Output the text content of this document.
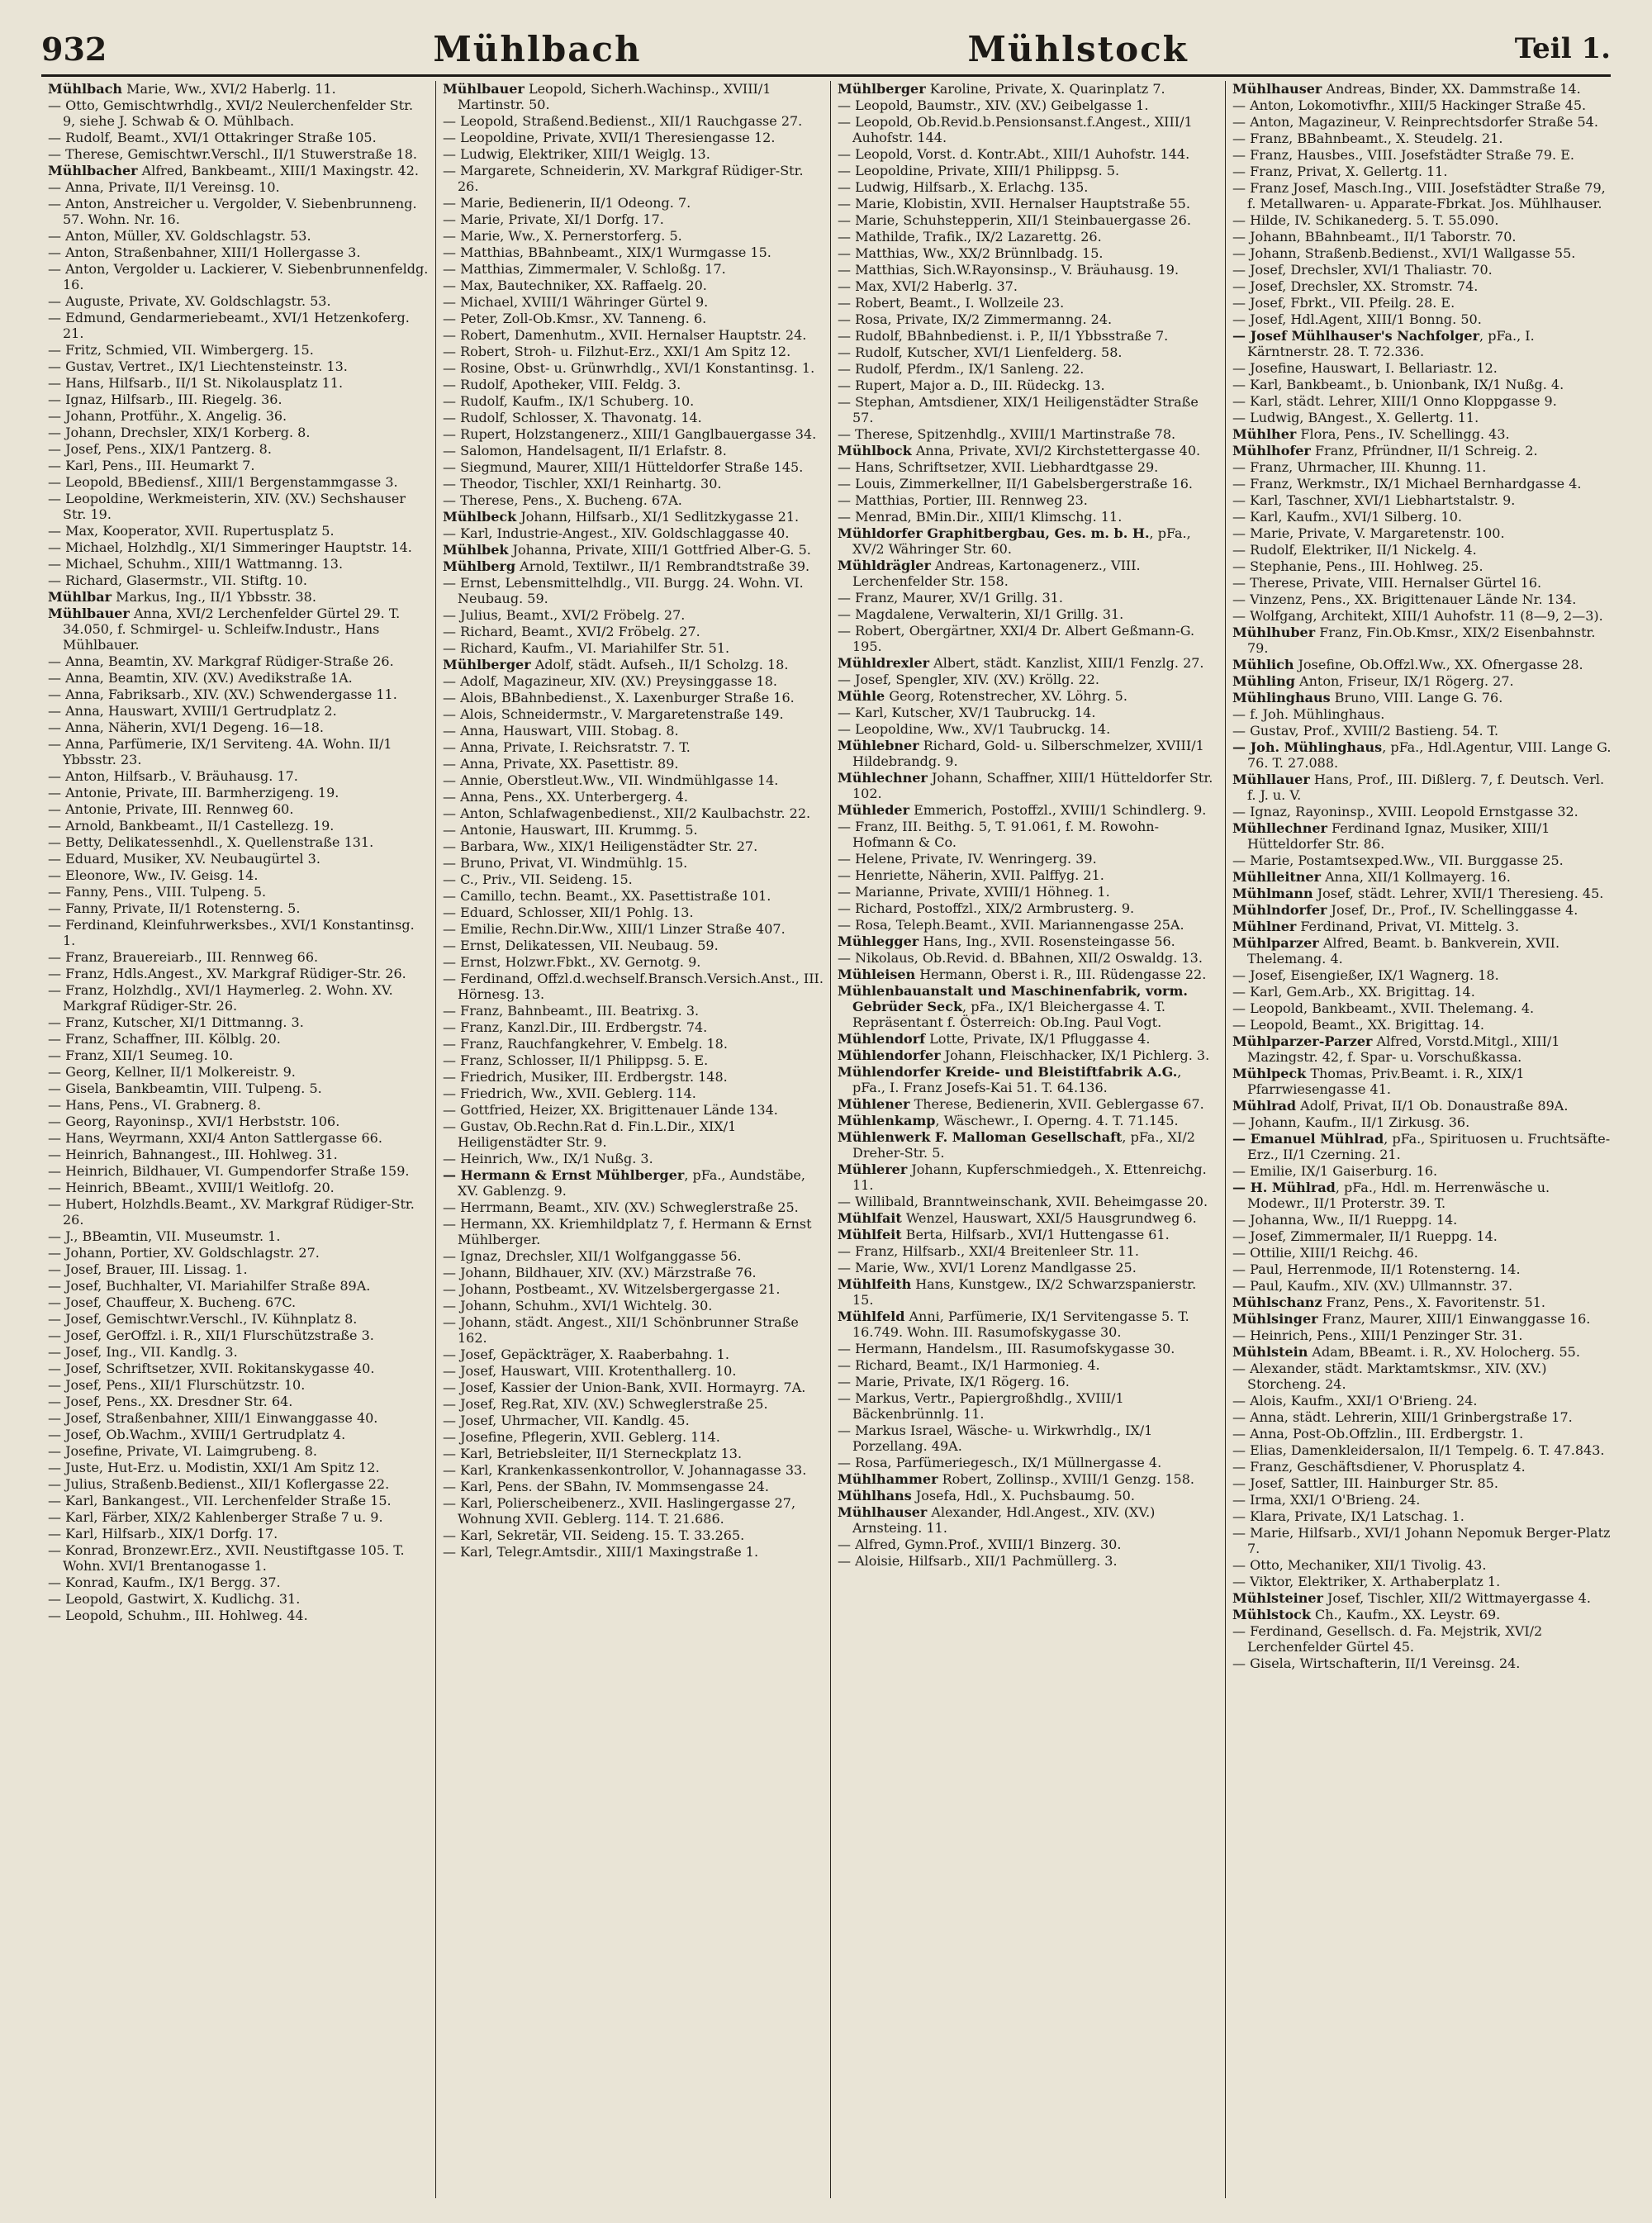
932	Mühlbach	Mühlstock	Teil 1.
Mühlbach Marie, Ww., XVI/2 Haberlg. 11.
— Otto, Gemischtwrhdlg., XVI/2 Neulerchenfelder Str. 9, siehe J. Schwab & O. Mühlbach.
— Rudolf, Beamt., XVI/1 Ottakringer Straße 105.
— Therese, Gemischtwr.Verschl., II/1 Stuwerstraße 18.
Mühlbacher Alfred, Bankbeamt., XIII/1 Maxingstr. 42.
— Anna, Private, II/1 Vereinsg. 10.
— Anton, Anstreicher u. Vergolder, V. Siebenbrunneng. 57. Wohn. Nr. 16.
— Anton, Müller, XV. Goldschlagstr. 53.
— Anton, Straßenbahner, XIII/1 Hollergasse 3.
— Anton, Vergolder u. Lackierer, V. Siebenbrunnenfeldg. 16.
— Auguste, Private, XV. Goldschlagstr. 53.
— Edmund, Gendarmeriebeamt., XVI/1 Hetzenkoferg. 21.
— Fritz, Schmied, VII. Wimbergerg. 15.
— Gustav, Vertret., IX/1 Liechtensteinstr. 13.
— Hans, Hilfsarb., II/1 St. Nikolausplatz 11.
— Ignaz, Hilfsarb., III. Riegelg. 36.
— Johann, Protführ., X. Angelig. 36.
— Johann, Drechsler, XIX/1 Korberg. 8.
— Josef, Pens., XIX/1 Pantzerg. 8.
— Karl, Pens., III. Heumarkt 7.
— Leopold, BBediensf., XIII/1 Bergenstammgasse 3.
— Leopoldine, Werkmeisterin, XIV. (XV.) Sechshauser Str. 19.
— Max, Kooperator, XVII. Rupertusplatz 5.
— Michael, Holzhdlg., XI/1 Simmeringer Hauptstr. 14.
— Michael, Schuhm., XIII/1 Wattmanng. 13.
— Richard, Glasermstr., VII. Stiftg. 10.
Mühlbar Markus, Ing., II/1 Ybbsstr. 38.
Mühlbauer Anna, XVI/2 Lerchenfelder Gürtel 29. T. 34.050, f. Schmirgel- u. Schleifw.Industr., Hans Mühlbauer.
— Anna, Beamtin, XV. Markgraf Rüdiger-Straße 26.
— Anna, Beamtin, XIV. (XV.) Avedikstraße 1A.
— Anna, Fabriksarb., XIV. (XV.) Schwendergasse 11.
— Anna, Hauswart, XVIII/1 Gertrudplatz 2.
— Anna, Näherin, XVI/1 Degeng. 16—18.
— Anna, Parfümerie, IX/1 Serviteng. 4A. Wohn. II/1 Ybbsstr. 23.
— Anton, Hilfsarb., V. Bräuhausg. 17.
— Antonie, Private, III. Barmherzigeng. 19.
— Antonie, Private, III. Rennweg 60.
— Arnold, Bankbeamt., II/1 Castellezg. 19.
— Betty, Delikatessenhdl., X. Quellenstraße 131.
— Eduard, Musiker, XV. Neubaugürtel 3.
— Eleonore, Ww., IV. Geisg. 14.
— Fanny, Pens., VIII. Tulpeng. 5.
— Fanny, Private, II/1 Rotensterng. 5.
— Ferdinand, Kleinfuhrwerksbes., XVI/1 Konstantinsg. 1.
— Franz, Brauereiarb., III. Rennweg 66.
— Franz, Hdls.Angest., XV. Markgraf Rüdiger-Str. 26.
— Franz, Holzhdlg., XVI/1 Haymerleg. 2. Wohn. XV. Markgraf Rüdiger-Str. 26.
— Franz, Kutscher, XI/1 Dittmanng. 3.
— Franz, Schaffner, III. Kölblg. 20.
— Franz, XII/1 Seumeg. 10.
— Georg, Kellner, II/1 Molkereistr. 9.
— Gisela, Bankbeamtin, VIII. Tulpeng. 5.
— Hans, Pens., VI. Grabnerg. 8.
— Georg, Rayoninsp., XVI/1 Herbststr. 106.
— Hans, Weyrmann, XXI/4 Anton Sattlergasse 66.
— Heinrich, Bahnangest., III. Hohlweg. 31.
— Heinrich, Bildhauer, VI. Gumpendorfer Straße 159.
— Heinrich, BBeamt., XVIII/1 Weitlofg. 20.
— Hubert, Holzhdls.Beamt., XV. Markgraf Rüdiger-Str. 26.
— J., BBeamtin, VII. Museumstr. 1.
— Johann, Portier, XV. Goldschlagstr. 27.
— Josef, Brauer, III. Lissag. 1.
— Josef, Buchhalter, VI. Mariahilfer Straße 89A.
— Josef, Chauffeur, X. Bucheng. 67C.
— Josef, Gemischtwr.Verschl., IV. Kühnplatz 8.
— Josef, GerOffzl. i. R., XII/1 Flurschützstraße 3.
— Josef, Ing., VII. Kandlg. 3.
— Josef, Schriftsetzer, XVII. Rokitanskygasse 40.
— Josef, Pens., XII/1 Flurschützstr. 10.
— Josef, Pens., XX. Dresdner Str. 64.
— Josef, Straßenbahner, XIII/1 Einwanggasse 40.
— Josef, Ob.Wachm., XVIII/1 Gertrudplatz 4.
— Josefine, Private, VI. Laimgrubeng. 8.
— Juste, Hut-Erz. u. Modistin, XXI/1 Am Spitz 12.
— Julius, Straßenb.Bedienst., XII/1 Koflergasse 22.
— Karl, Bankangest., VII. Lerchenfelder Straße 15.
— Karl, Färber, XIX/2 Kahlenberger Straße 7 u. 9.
— Karl, Hilfsarb., XIX/1 Dorfg. 17.
— Konrad, Bronzewr.Erz., XVII. Neustiftgasse 105. T. Wohn. XVI/1 Brentanogasse 1.
— Konrad, Kaufm., IX/1 Bergg. 37.
— Leopold, Gastwirt, X. Kudlichg. 31.
— Leopold, Schuhm., III. Hohlweg. 44.
Mühlbauer Leopold, Sicherh.Wachinsp., XVIII/1 Martinstr. 50.
— Leopold, Straßend.Bedienst., XII/1 Rauchgasse 27.
— Leopoldine, Private, XVII/1 Theresiengasse 12.
— Ludwig, Elektriker, XIII/1 Weiglg. 13.
— Margarete, Schneiderin, XV. Markgraf Rüdiger-Str. 26.
— Marie, Bedienerin, II/1 Odeong. 7.
— Marie, Private, XI/1 Dorfg. 17.
— Marie, Ww., X. Pernerstorferg. 5.
— Matthias, BBahnbeamt., XIX/1 Wurmgasse 15.
— Matthias, Zimmermaler, V. Schloßg. 17.
— Max, Bautechniker, XX. Raffaelg. 20.
— Michael, XVIII/1 Währinger Gürtel 9.
— Peter, Zoll-Ob.Kmsr., XV. Tanneng. 6.
— Robert, Damenhutm., XVII. Hernalser Hauptstr. 24.
— Robert, Stroh- u. Filzhut-Erz., XXI/1 Am Spitz 12.
— Rosine, Obst- u. Grünwrhdlg., XVI/1 Konstantinsg. 1.
— Rudolf, Apotheker, VIII. Feldg. 3.
— Rudolf, Kaufm., IX/1 Schuberg. 10.
— Rudolf, Schlosser, X. Thavonatg. 14.
— Rupert, Holzstangenerz., XIII/1 Ganglbauergasse 34.
— Salomon, Handelsagent, II/1 Erlafstr. 8.
— Siegmund, Maurer, XIII/1 Hütteldorfer Straße 145.
— Theodor, Tischler, XXI/1 Reinhartg. 30.
— Therese, Pens., X. Bucheng. 67A.
Mühlbeck Johann, Hilfsarb., XI/1 Sedlitzkygasse 21.
— Karl, Industrie-Angest., XIV. Goldschlaggasse 40.
Mühlbek Johanna, Private, XIII/1 Gottfried Alber-G. 5.
Mühlberg Arnold, Textilwr., II/1 Rembrandtstraße 39.
— Ernst, Lebensmittelhdlg., VII. Burgg. 24. Wohn. VI. Neubaug. 59.
— Julius, Beamt., XVI/2 Fröbelg. 27.
— Richard, Beamt., XVI/2 Fröbelg. 27.
— Richard, Kaufm., VI. Mariahilfer Str. 51.
Mühlberger Adolf, städt. Aufseh., II/1 Scholzg. 18.
— Adolf, Magazineur, XIV. (XV.) Preysinggasse 18.
— Alois, BBahnbedienst., X. Laxenburger Straße 16.
— Alois, Schneidermstr., V. Margaretenstraße 149.
— Anna, Hauswart, VIII. Stobag. 8.
— Anna, Private, I. Reichsratstr. 7. T.
— Anna, Private, XX. Pasettistr. 89.
— Annie, Oberstleut.Ww., VII. Windmühlgasse 14.
— Anna, Pens., XX. Unterbergerg. 4.
— Anton, Schlafwagenbedienst., XII/2 Kaulbachstr. 22.
— Antonie, Hauswart, III. Krummg. 5.
— Barbara, Ww., XIX/1 Heiligenstädter Str. 27.
— Bruno, Privat, VI. Windmühlg. 15.
— C., Priv., VII. Seideng. 15.
— Camillo, techn. Beamt., XX. Pasettistraße 101.
— Eduard, Schlosser, XII/1 Pohlg. 13.
— Emilie, Rechn.Dir.Ww., XIII/1 Linzer Straße 407.
— Ernst, Delikatessen, VII. Neubaug. 59.
— Ernst, Holzwr.Fbkt., XV. Gernotg. 9.
— Ferdinand, Offzl.d.wechself.Bransch.Versich.Anst., III. Hörnesg. 13.
— Franz, Bahnbeamt., III. Beatrixg. 3.
— Franz, Kanzl.Dir., III. Erdbergstr. 74.
— Franz, Rauchfangkehrer, V. Embelg. 18.
— Franz, Schlosser, II/1 Philippsg. 5. E.
— Friedrich, Musiker, III. Erdbergstr. 148.
— Friedrich, Ww., XVII. Geblerg. 114.
— Gottfried, Heizer, XX. Brigittenauer Lände 134.
— Gustav, Ob.Rechn.Rat d. Fin.L.Dir., XIX/1 Heiligenstädter Str. 9.
— Heinrich, Ww., IX/1 Nußg. 3.
— Hermann & Ernst Mühlberger, pFa., Aundstäbe, XV. Gablenzg. 9.
— Herrmann, Beamt., XIV. (XV.) Schweglerstraße 25.
— Hermann, XX. Kriemhildplatz 7, f. Hermann & Ernst Mühlberger.
— Ignaz, Drechsler, XII/1 Wolfganggasse 56.
— Johann, Bildhauer, XIV. (XV.) Märzstraße 76.
— Johann, Postbeamt., XV. Witzelsbergergasse 21.
— Johann, Schuhm., XVI/1 Wichtelg. 30.
— Johann, städt. Angest., XII/1 Schönbrunner Straße 162.
— Josef, Gepäckträger, X. Raaberbahng. 1.
— Josef, Hauswart, VIII. Krotenthallerg. 10.
— Josef, Kassier der Union-Bank, XVII. Hormayrg. 7A.
— Josef, Reg.Rat, XIV. (XV.) Schweglerstraße 25.
— Josef, Uhrmacher, VII. Kandlg. 45.
— Josefine, Pflegerin, XVII. Geblerg. 114.
— Karl, Betriebsleiter, II/1 Sterneckplatz 13.
— Karl, Krankenkassenkontrollor, V. Johannagasse 33.
— Karl, Pens. der SBahn, IV. Mommsengasse 24.
— Karl, Polierscheibenerz., XVII. Haslingergasse 27, Wohnung XVII. Geblerg. 114. T. 21.686.
— Karl, Sekretär, VII. Seideng. 15. T. 33.265.
— Karl, Telegr.Amtsdir., XIII/1 Maxingstraße 1.
Mühlberger Karoline, Private, X. Quarinplatz 7.
— Leopold, Baumstr., XIV. (XV.) Geibelgasse 1.
— Leopold, Ob.Revid.b.Pensionsanst.f.Angest., XIII/1 Auhofstr. 144.
— Leopold, Vorst. d. Kontr.Abt., XIII/1 Auhofstr. 144.
— Leopoldine, Private, XIII/1 Philippsg. 5.
— Ludwig, Hilfsarb., X. Erlachg. 135.
— Marie, Klobistin, XVII. Hernalser Hauptstraße 55.
— Marie, Schuhstepperin, XII/1 Steinbauergasse 26.
— Mathilde, Trafik., IX/2 Lazarettg. 26.
— Matthias, Ww., XX/2 Brünnlbadg. 15.
— Matthias, Sich.W.Rayonsinsp., V. Bräuhausg. 19.
— Max, XVI/2 Haberlg. 37.
— Robert, Beamt., I. Wollzeile 23.
— Rosa, Private, IX/2 Zimmermanng. 24.
— Rudolf, BBahnbedienst. i. P., II/1 Ybbsstraße 7.
— Rudolf, Kutscher, XVI/1 Lienfelderg. 58.
— Rudolf, Pferdm., IX/1 Sanleng. 22.
— Rupert, Major a. D., III. Rüdeckg. 13.
— Stephan, Amtsdiener, XIX/1 Heiligenstädter Straße 57.
— Therese, Spitzenhdlg., XVIII/1 Martinstraße 78.
Mühlbock Anna, Private, XVI/2 Kirchstettergasse 40.
— Hans, Schriftsetzer, XVII. Liebhardtgasse 29.
— Louis, Zimmerkellner, II/1 Gabelsbergerstraße 16.
— Matthias, Portier, III. Rennweg 23.
— Menrad, BMin.Dir., XIII/1 Klimschg. 11.
Mühldorfer Graphitbergbau, Ges. m. b. H., pFa., XV/2 Währinger Str. 60.
Mühldrägler Andreas, Kartonagenerz., VIII. Lerchenfelder Str. 158.
— Franz, Maurer, XV/1 Grillg. 31.
— Magdalene, Verwalterin, XI/1 Grillg. 31.
— Robert, Obergärtner, XXI/4 Dr. Albert Geßmann-G. 195.
Mühldrexler Albert, städt. Kanzlist, XIII/1 Fenzlg. 27.
— Josef, Spengler, XIV. (XV.) Kröllg. 22.
Mühle Georg, Rotenstrecher, XV. Löhrg. 5.
— Karl, Kutscher, XV/1 Taubruckg. 14.
— Leopoldine, Ww., XV/1 Taubruckg. 14.
Mühlebner Richard, Gold- u. Silberschmelzer, XVIII/1 Hildebrandg. 9.
Mühlechner Johann, Schaffner, XIII/1 Hütteldorfer Str. 102.
Mühleder Emmerich, Postoffzl., XVIII/1 Schindlerg. 9.
— Franz, III. Beithg. 5, T. 91.061, f. M. Rowohn-Hofmann & Co.
— Helene, Private, IV. Wenringerg. 39.
— Henriette, Näherin, XVII. Palffyg. 21.
— Marianne, Private, XVIII/1 Höhneg. 1.
— Richard, Postoffzl., XIX/2 Armbrusterg. 9.
— Rosa, Teleph.Beamt., XVII. Mariannengasse 25A.
Mühlegger Hans, Ing., XVII. Rosensteingasse 56.
— Nikolaus, Ob.Revid. d. BBahnen, XII/2 Oswaldg. 13.
Mühleisen Hermann, Oberst i. R., III. Rüdengasse 22.
Mühlenbauanstalt und Maschinenfabrik, vorm. Gebrüder Seck, pFa., IX/1 Bleichergasse 4. T. Repräsentant f. Österreich: Ob.Ing. Paul Vogt.
Mühlendorf Lotte, Private, IX/1 Pfluggasse 4.
Mühlendorfer Johann, Fleischhacker, IX/1 Pichlerg. 3.
Mühlendorfer Kreide- und Bleistiftfabrik A.G., pFa., I. Franz Josefs-Kai 51. T. 64.136.
Mühlener Therese, Bedienerin, XVII. Geblergasse 67.
Mühlenkamp, Wäschewr., I. Operng. 4. T. 71.145.
Mühlenwerk F. Malloman Gesellschaft, pFa., XI/2 Dreher-Str. 5.
Mühlerer Johann, Kupferschmiedgeh., X. Ettenreichg. 11.
— Willibald, Branntweinschank, XVII. Beheimgasse 20.
Mühlfait Wenzel, Hauswart, XXI/5 Hausgrundweg 6.
Mühlfeit Berta, Hilfsarb., XVI/1 Huttengasse 61.
— Franz, Hilfsarb., XXI/4 Breitenleer Str. 11.
— Marie, Ww., XVI/1 Lorenz Mandlgasse 25.
Mühlfeith Hans, Kunstgew., IX/2 Schwarzspanierstr. 15.
Mühlfeld Anni, Parfümerie, IX/1 Servitengasse 5. T. 16.749. Wohn. III. Rasumofskygasse 30.
— Hermann, Handelsm., III. Rasumofskygasse 30.
— Richard, Beamt., IX/1 Harmonieg. 4.
— Marie, Private, IX/1 Rögerg. 16.
— Markus, Vertr., Papiergroßhdlg., XVIII/1 Bäckenbrünnlg. 11.
— Markus Israel, Wäsche- u. Wirkwrhdlg., IX/1 Porzellang. 49A.
— Rosa, Parfümeriegesch., IX/1 Müllnergasse 4.
Mühlhammer Robert, Zollinsp., XVIII/1 Genzg. 158.
Mühlhans Josefa, Hdl., X. Puchsbaumg. 50.
Mühlhauser Alexander, Hdl.Angest., XIV. (XV.) Arnsteing. 11.
— Alfred, Gymn.Prof., XVIII/1 Binzerg. 30.
— Aloisie, Hilfsarb., XII/1 Pachmüllerg. 3.
Mühlhauser Andreas, Binder, XX. Dammstraße 14.
— Anton, Lokomotivfhr., XIII/5 Hackinger Straße 45.
— Anton, Magazineur, V. Reinprechtsdorfer Straße 54.
— Franz, BBahnbeamt., X. Steudelg. 21.
— Franz, Hausbes., VIII. Josefstädter Straße 79. E.
— Franz, Privat, X. Gellertg. 11.
— Franz Josef, Masch.Ing., VIII. Josefstädter Straße 79, f. Metallwaren- u. Apparate-Fbrkat. Jos. Mühlhauser.
— Hilde, IV. Schikanederg. 5. T. 55.090.
— Johann, BBahnbeamt., II/1 Taborstr. 70.
— Johann, Straßenb.Bedienst., XVI/1 Wallgasse 55.
— Josef, Drechsler, XVI/1 Thaliastr. 70.
— Josef, Drechsler, XX. Stromstr. 74.
— Josef, Fbrkt., VII. Pfeilg. 28. E.
— Josef, Hdl.Agent, XIII/1 Bonng. 50.
— Josef Mühlhauser's Nachfolger, pFa., I. Kärntnerstr. 28. T. 72.336.
— Josefine, Hauswart, I. Bellariastr. 12.
— Karl, Bankbeamt., b. Unionbank, IX/1 Nußg. 4.
— Karl, städt. Lehrer, XIII/1 Onno Kloppgasse 9.
— Ludwig, BAngest., X. Gellertg. 11.
Mühlher Flora, Pens., IV. Schellingg. 43.
Mühlhofer Franz, Pfründner, II/1 Schreig. 2.
— Franz, Uhrmacher, III. Khunng. 11.
— Franz, Werkmstr., IX/1 Michael Bernhardgasse 4.
— Karl, Taschner, XVI/1 Liebhartstalstr. 9.
— Karl, Kaufm., XVI/1 Silberg. 10.
— Marie, Private, V. Margaretenstr. 100.
— Rudolf, Elektriker, II/1 Nickelg. 4.
— Stephanie, Pens., III. Hohlweg. 25.
— Therese, Private, VIII. Hernalser Gürtel 16.
— Vinzenz, Pens., XX. Brigittenauer Lände Nr. 134.
— Wolfgang, Architekt, XIII/1 Auhofstr. 11 (8—9, 2—3).
Mühlhuber Franz, Fin.Ob.Kmsr., XIX/2 Eisenbahnstr. 79.
Mühlich Josefine, Ob.Offzl.Ww., XX. Ofnergasse 28.
Mühling Anton, Friseur, IX/1 Rögerg. 27.
Mühlinghaus Bruno, VIII. Lange G. 76.
— f. Joh. Mühlinghaus.
— Gustav, Prof., XVIII/2 Bastieng. 54. T.
— Joh. Mühlinghaus, pFa., Hdl.Agentur, VIII. Lange G. 76. T. 27.088.
Mühllauer Hans, Prof., III. Dißlerg. 7, f. Deutsch. Verl. f. J. u. V.
— Ignaz, Rayoninsp., XVIII. Leopold Ernstgasse 32.
Mühllechner Ferdinand Ignaz, Musiker, XIII/1 Hütteldorfer Str. 86.
— Marie, Postamtsexped.Ww., VII. Burggasse 25.
Mühlleitner Anna, XII/1 Kollmayerg. 16.
Mühlmann Josef, städt. Lehrer, XVII/1 Theresieng. 45.
Mühlndorfer Josef, Dr., Prof., IV. Schellinggasse 4.
Mühlner Ferdinand, Privat, VI. Mittelg. 3.
Mühlparzer Alfred, Beamt. b. Bankverein, XVII. Thelemang. 4.
— Josef, Eisengießer, IX/1 Wagnerg. 18.
— Karl, Gem.Arb., XX. Brigittag. 14.
— Leopold, Bankbeamt., XVII. Thelemang. 4.
— Leopold, Beamt., XX. Brigittag. 14.
Mühlparzer-Parzer Alfred, Vorstd.Mitgl., XIII/1 Mazingstr. 42, f. Spar- u. Vorschußkassa.
Mühlpeck Thomas, Priv.Beamt. i. R., XIX/1 Pfarrwiesengasse 41.
Mühlrad Adolf, Privat, II/1 Ob. Donaustraße 89A.
— Johann, Kaufm., II/1 Zirkusg. 36.
— Emanuel Mühlrad, pFa., Spirituosen u. Fruchtsäfte-Erz., II/1 Czerning. 21.
— Emilie, IX/1 Gaiserburg. 16.
— H. Mühlrad, pFa., Hdl. m. Herrenwäsche u. Modewr., II/1 Proterstr. 39. T.
— Johanna, Ww., II/1 Rueppg. 14.
— Josef, Zimmermaler, II/1 Rueppg. 14.
— Ottilie, XIII/1 Reichg. 46.
— Paul, Herrenmode, II/1 Rotensterng. 14.
— Paul, Kaufm., XIV. (XV.) Ullmannstr. 37.
Mühlschanz Franz, Pens., X. Favoritenstr. 51.
Mühlsinger Franz, Maurer, XIII/1 Einwanggasse 16.
— Heinrich, Pens., XIII/1 Penzinger Str. 31.
Mühlstein Adam, BBeamt. i. R., XV. Holocherg. 55.
— Alexander, städt. Marktamtskmsr., XIV. (XV.) Storcheng. 24.
— Alois, Kaufm., XXI/1 O'Brieng. 24.
— Anna, städt. Lehrerin, XIII/1 Grinbergstraße 17.
— Anna, Post-Ob.Offzlin., III. Erdbergstr. 1.
— Elias, Damenkleidersalon, II/1 Tempelg. 6. T. 47.843.
— Franz, Geschäftsdiener, V. Phorusplatz 4.
— Josef, Sattler, III. Hainburger Str. 85.
— Irma, XXI/1 O'Brieng. 24.
— Klara, Private, IX/1 Latschag. 1.
— Marie, Hilfsarb., XVI/1 Johann Nepomuk Berger-Platz 7.
— Otto, Mechaniker, XII/1 Tivolig. 43.
— Viktor, Elektriker, X. Arthaberplatz 1.
Mühlsteiner Josef, Tischler, XII/2 Wittmayergasse 4.
Mühlstock Ch., Kaufm., XX. Leystr. 69.
— Ferdinand, Gesellsch. d. Fa. Mejstrik, XVI/2 Lerchenfelder Gürtel 45.
— Gisela, Wirtschafterin, II/1 Vereinsg. 24.
